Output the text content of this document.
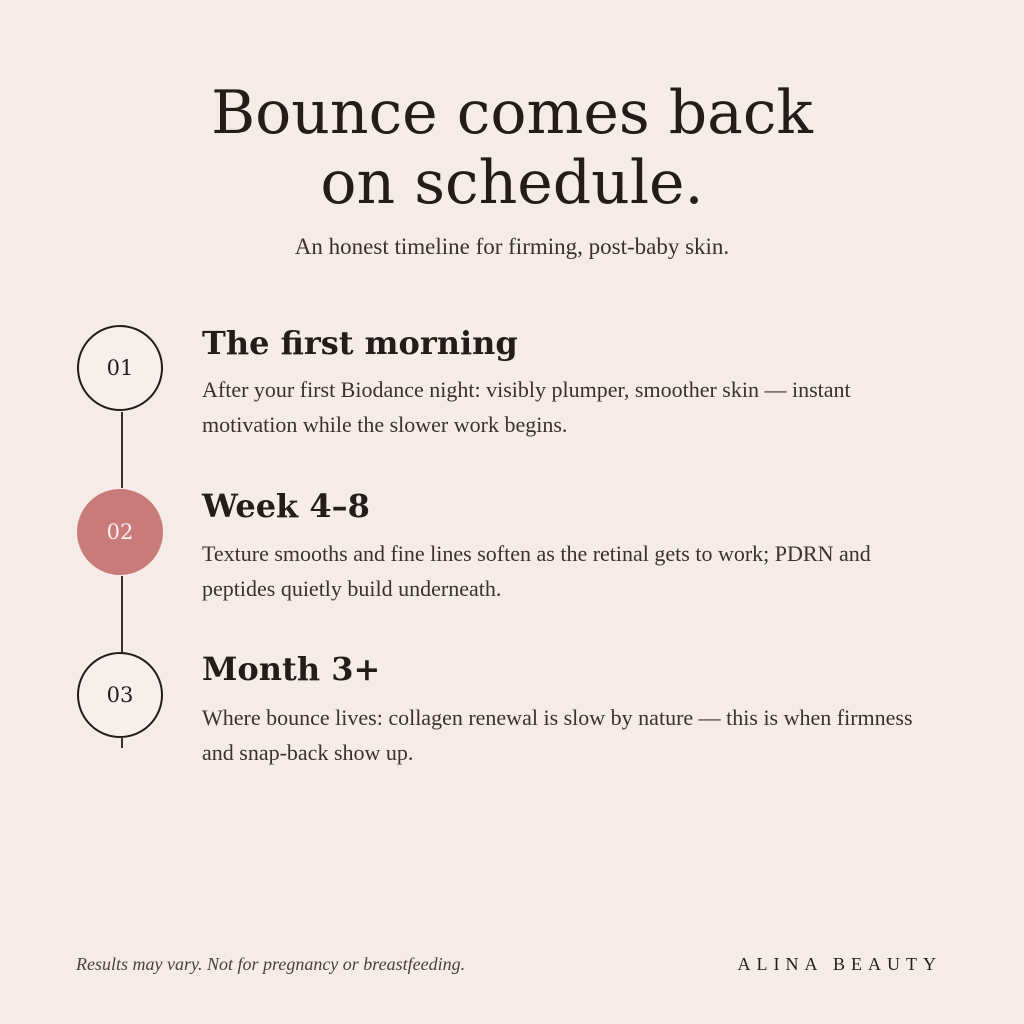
Bounce comes back
on schedule.

An honest timeline for firming, post-baby skin.

01
The first morning

After your first Biodance night: visibly plumper, smoother skin — instant motivation while the slower work begins.

02
Week 4–8

Texture smooths and fine lines soften as the retinal gets to work; PDRN and peptides quietly build underneath.

03
Month 3+

Where bounce lives: collagen renewal is slow by nature — this is when firmness and snap-back show up.

Results may vary. Not for pregnancy or breastfeeding.	ALINA BEAUTY
